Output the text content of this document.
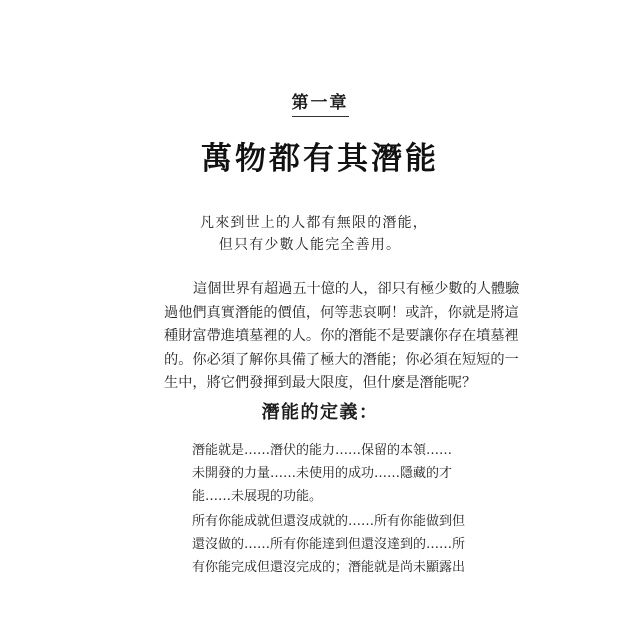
第一章
萬物都有其潛能
凡來到世上的人都有無限的潛能，
但只有少數人能完全善用。
這個世界有超過五十億的人，卻只有極少數的人體驗
過他們真實潛能的價值，何等悲哀啊！或許，你就是將這
種財富帶進墳墓裡的人。你的潛能不是要讓你存在墳墓裡
的。你必須了解你具備了極大的潛能；你必須在短短的一
生中，將它們發揮到最大限度，但什麼是潛能呢？
潛能的定義：
潛能就是……潛伏的能力……保留的本領……
未開發的力量……未使用的成功……隱藏的才
能……未展現的功能。
所有你能成就但還沒成就的……所有你能做到但
還沒做的……所有你能達到但還沒達到的……所
有你能完成但還沒完成的；潛能就是尚未顯露出
